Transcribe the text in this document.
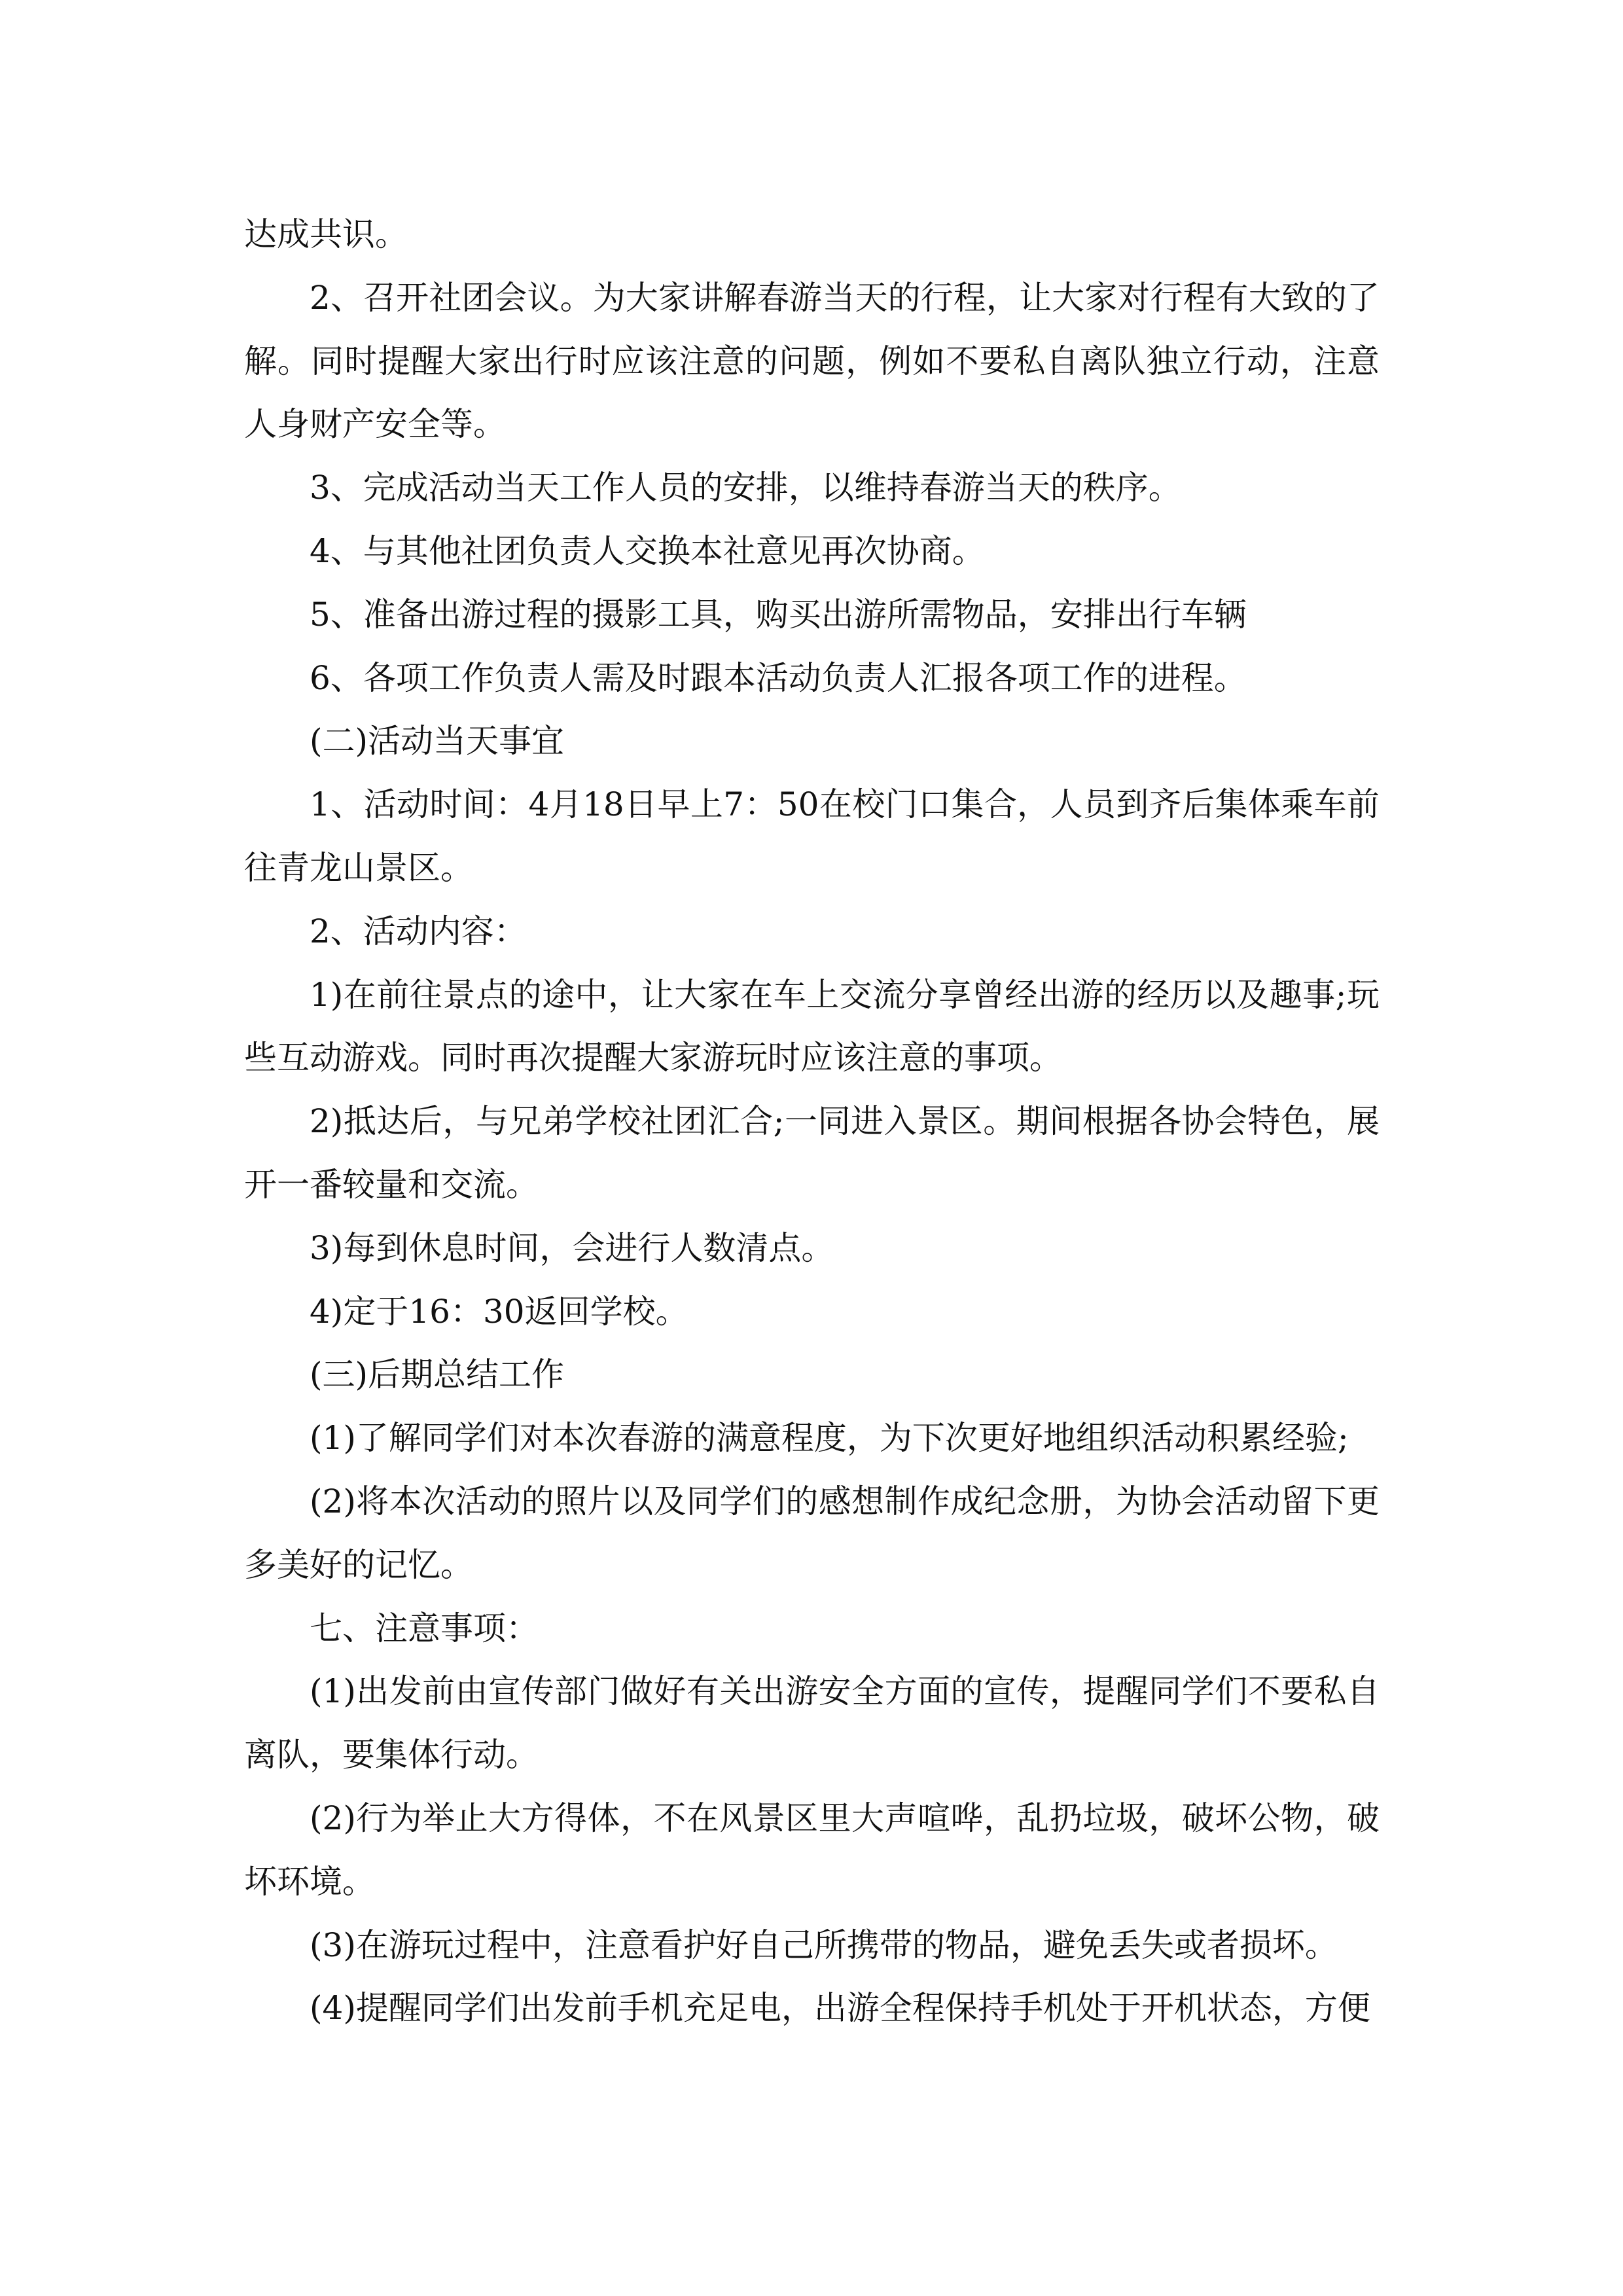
达成共识。

2、召开社团会议。为大家讲解春游当天的行程，让大家对行程有大致的了解。同时提醒大家出行时应该注意的问题，例如不要私自离队独立行动，注意人身财产安全等。

3、完成活动当天工作人员的安排，以维持春游当天的秩序。

4、与其他社团负责人交换本社意见再次协商。

5、准备出游过程的摄影工具，购买出游所需物品，安排出行车辆

6、各项工作负责人需及时跟本活动负责人汇报各项工作的进程。

(二)活动当天事宜

1、活动时间：4月18日早上7：50在校门口集合，人员到齐后集体乘车前往青龙山景区。

2、活动内容：

1)在前往景点的途中，让大家在车上交流分享曾经出游的经历以及趣事;玩些互动游戏。同时再次提醒大家游玩时应该注意的事项。

2)抵达后，与兄弟学校社团汇合;一同进入景区。期间根据各协会特色，展开一番较量和交流。

3)每到休息时间，会进行人数清点。

4)定于16：30返回学校。

(三)后期总结工作

(1)了解同学们对本次春游的满意程度，为下次更好地组织活动积累经验;

(2)将本次活动的照片以及同学们的感想制作成纪念册，为协会活动留下更多美好的记忆。

七、注意事项：

(1)出发前由宣传部门做好有关出游安全方面的宣传，提醒同学们不要私自离队，要集体行动。

(2)行为举止大方得体，不在风景区里大声喧哗，乱扔垃圾，破坏公物，破坏环境。

(3)在游玩过程中，注意看护好自己所携带的物品，避免丢失或者损坏。

(4)提醒同学们出发前手机充足电，出游全程保持手机处于开机状态，方便
